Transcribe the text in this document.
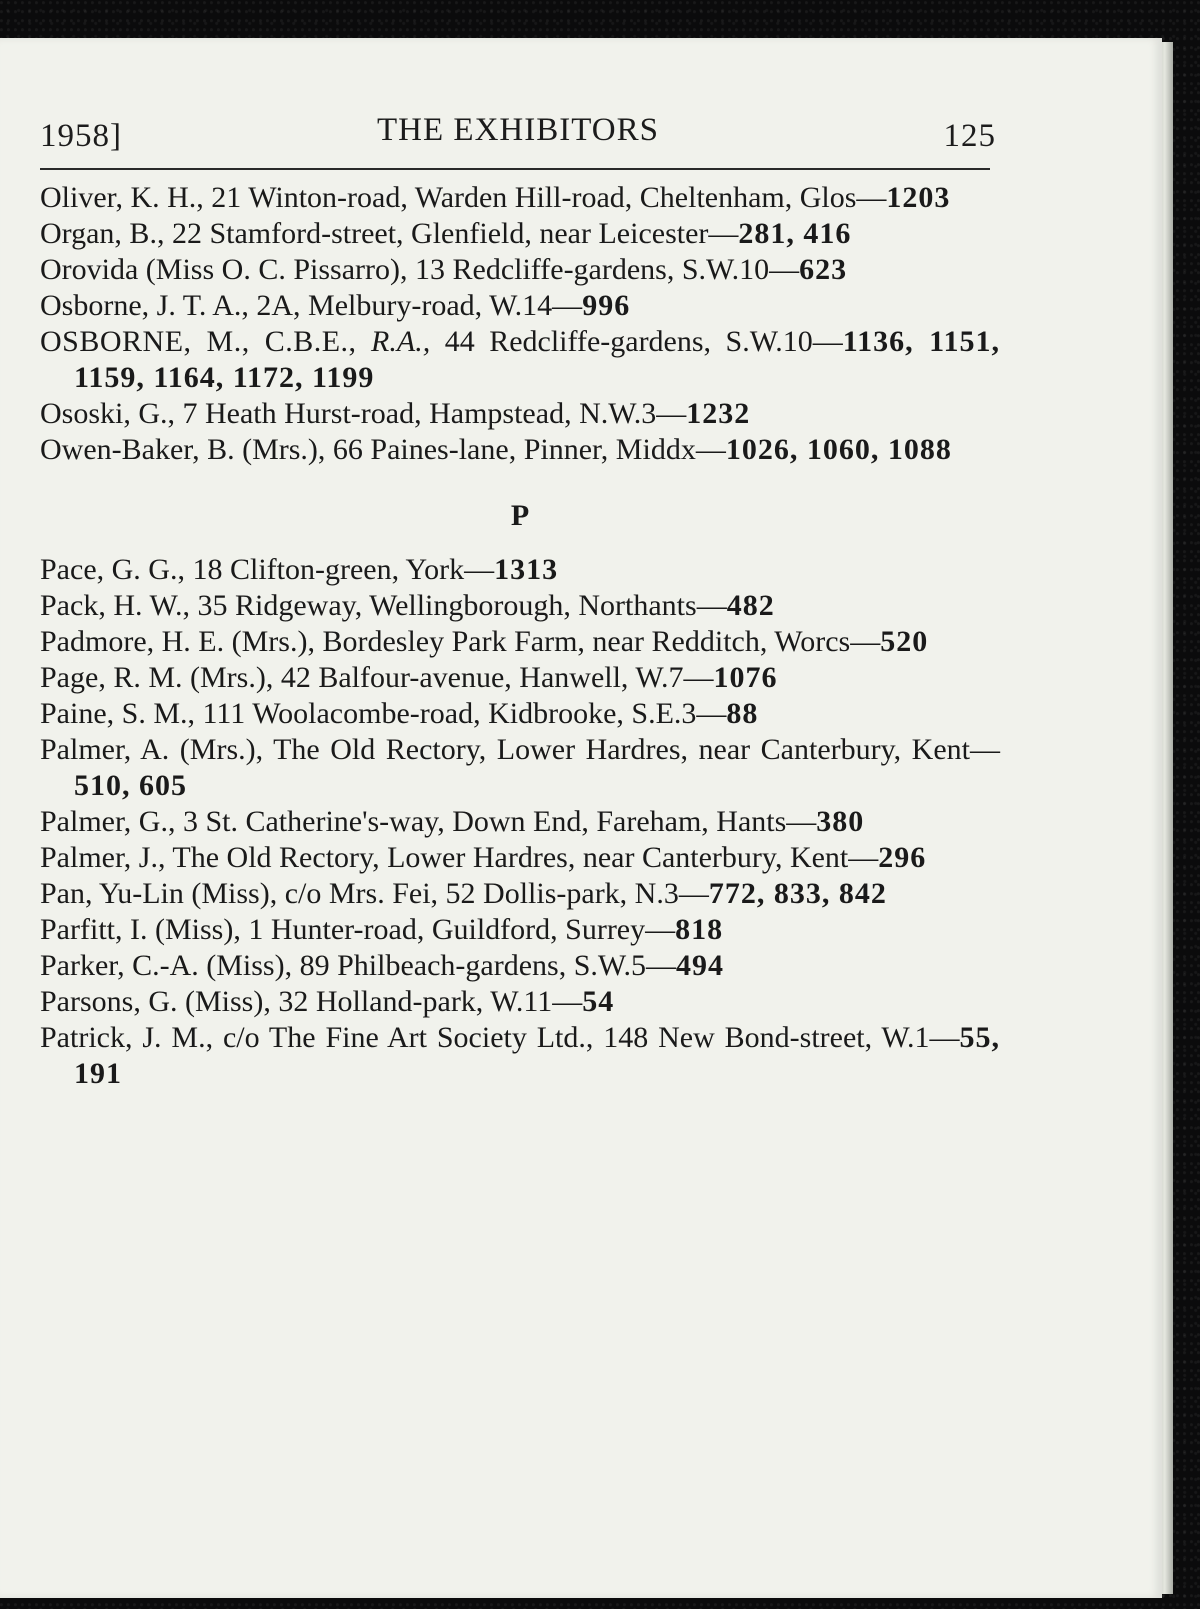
1958]	THE EXHIBITORS	125
Oliver, K. H., 21 Winton-road, Warden Hill-road, Cheltenham, Glos—1203
Organ, B., 22 Stamford-street, Glenfield, near Leicester—281, 416
Orovida (Miss O. C. Pissarro), 13 Redcliffe-gardens, S.W.10—623
Osborne, J. T. A., 2A, Melbury-road, W.14—996
OSBORNE, M., C.B.E., R.A., 44 Redcliffe-gardens, S.W.10—1136, 1151, 1159, 1164, 1172, 1199
Ososki, G., 7 Heath Hurst-road, Hampstead, N.W.3—1232
Owen-Baker, B. (Mrs.), 66 Paines-lane, Pinner, Middx—1026, 1060, 1088
P
Pace, G. G., 18 Clifton-green, York—1313
Pack, H. W., 35 Ridgeway, Wellingborough, Northants—482
Padmore, H. E. (Mrs.), Bordesley Park Farm, near Redditch, Worcs—520
Page, R. M. (Mrs.), 42 Balfour-avenue, Hanwell, W.7—1076
Paine, S. M., 111 Woolacombe-road, Kidbrooke, S.E.3—88
Palmer, A. (Mrs.), The Old Rectory, Lower Hardres, near Canterbury, Kent—510, 605
Palmer, G., 3 St. Catherine's-way, Down End, Fareham, Hants—380
Palmer, J., The Old Rectory, Lower Hardres, near Canterbury, Kent—296
Pan, Yu-Lin (Miss), c/o Mrs. Fei, 52 Dollis-park, N.3—772, 833, 842
Parfitt, I. (Miss), 1 Hunter-road, Guildford, Surrey—818
Parker, C.-A. (Miss), 89 Philbeach-gardens, S.W.5—494
Parsons, G. (Miss), 32 Holland-park, W.11—54
Patrick, J. M., c/o The Fine Art Society Ltd., 148 New Bond-street, W.1—55, 191
